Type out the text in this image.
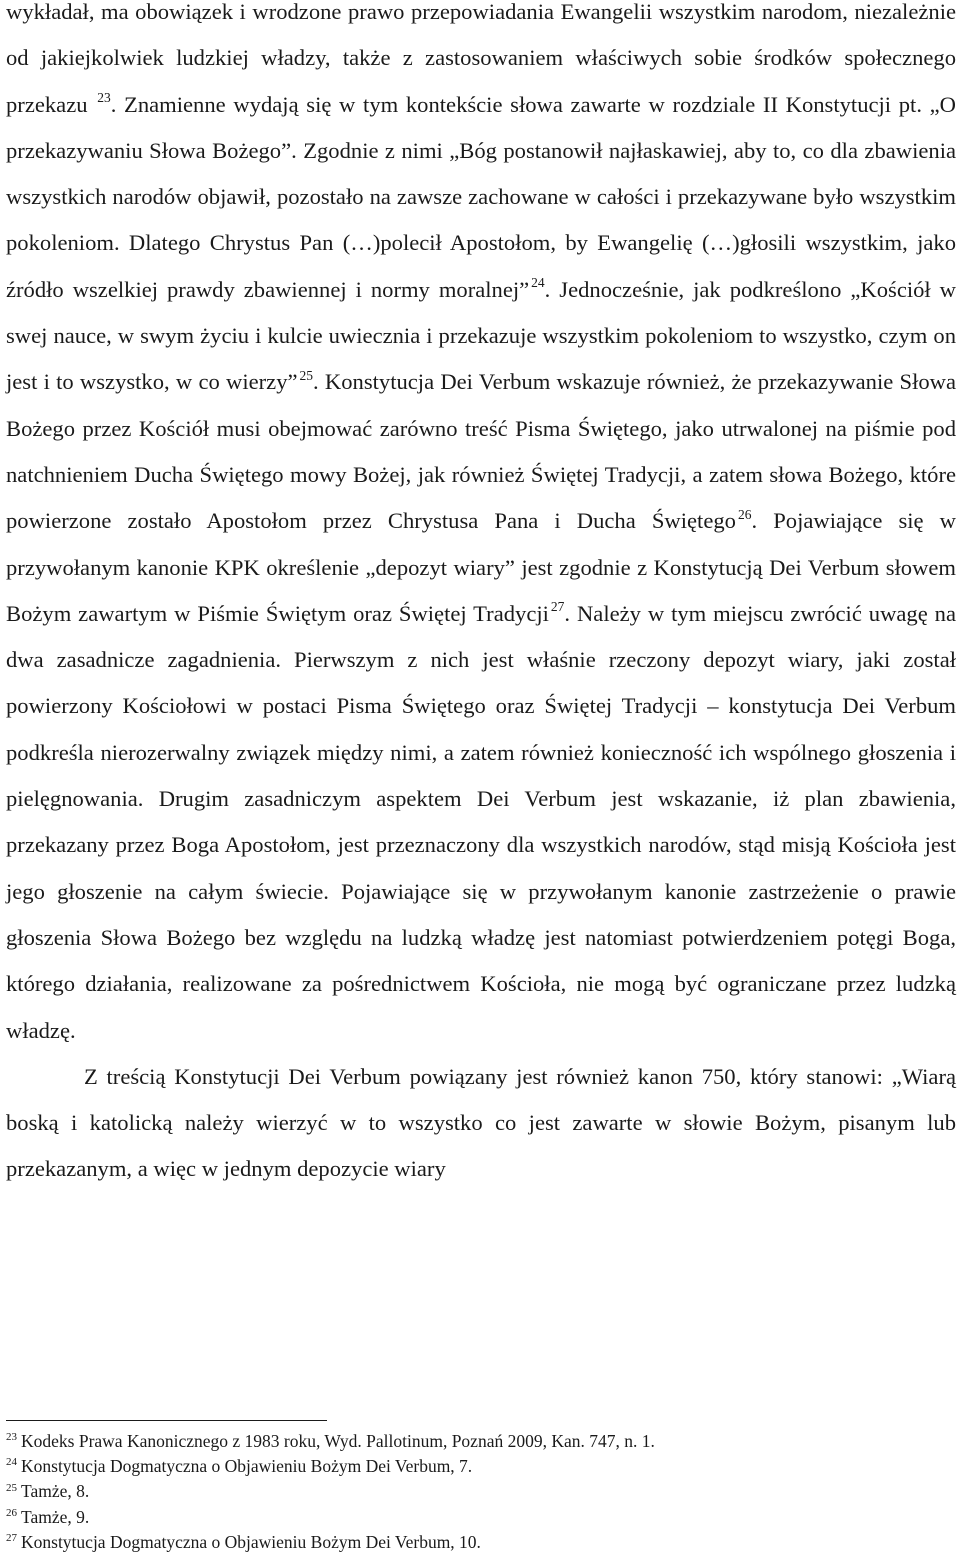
wykładał, ma obowiązek i wrodzone prawo przepowiadania Ewangelii wszystkim narodom, niezależnie od jakiejkolwiek ludzkiej władzy, także z zastosowaniem właściwych sobie środków społecznego przekazu $^{23}$. Znamienne wydają się w tym kontekście słowa zawarte w rozdziale II Konstytucji pt. „O przekazywaniu Słowa Bożego”. Zgodnie z nimi „Bóg postanowił najłaskawiej, aby to, co dla zbawienia wszystkich narodów objawił, pozostało na zawsze zachowane w całości i przekazywane było wszystkim pokoleniom. Dlatego Chrystus Pan (…)polecił Apostołom, by Ewangelię (…)głosili wszystkim, jako źródło wszelkiej prawdy zbawiennej i normy moralnej” $^{24}$. Jednocześnie, jak podkreślono „Kościół w swej nauce, w swym życiu i kulcie uwiecznia i przekazuje wszystkim pokoleniom to wszystko, czym on jest i to wszystko, w co wierzy” $^{25}$. Konstytucja Dei Verbum wskazuje również, że przekazywanie Słowa Bożego przez Kościół musi obejmować zarówno treść Pisma Świętego, jako utrwalonej na piśmie pod natchnieniem Ducha Świętego mowy Bożej, jak również Świętej Tradycji, a zatem słowa Bożego, które powierzone zostało Apostołom przez Chrystusa Pana i Ducha Świętego $^{26}$. Pojawiające się w przywołanym kanonie KPK określenie „depozyt wiary” jest zgodnie z Konstytucją Dei Verbum słowem Bożym zawartym w Piśmie Świętym oraz Świętej Tradycji $^{27}$. Należy w tym miejscu zwrócić uwagę na dwa zasadnicze zagadnienia. Pierwszym z nich jest właśnie rzeczony depozyt wiary, jaki został powierzony Kościołowi w postaci Pisma Świętego oraz Świętej Tradycji – konstytucja Dei Verbum podkreśla nierozerwalny związek między nimi, a zatem również konieczność ich wspólnego głoszenia i pielęgnowania. Drugim zasadniczym aspektem Dei Verbum jest wskazanie, iż plan zbawienia, przekazany przez Boga Apostołom, jest przeznaczony dla wszystkich narodów, stąd misją Kościoła jest jego głoszenie na całym świecie. Pojawiające się w przywołanym kanonie zastrzeżenie o prawie głoszenia Słowa Bożego bez względu na ludzką władzę jest natomiast potwierdzeniem potęgi Boga, którego działania, realizowane za pośrednictwem Kościoła, nie mogą być ograniczane przez ludzką władzę.

Z treścią Konstytucji Dei Verbum powiązany jest również kanon 750, który stanowi: „Wiarą boską i katolicką należy wierzyć w to wszystko co jest zawarte w słowie Bożym, pisanym lub przekazanym, a więc w jednym depozycie wiary

$^{23}$ Kodeks Prawa Kanonicznego z 1983 roku, Wyd. Pallotinum, Poznań 2009, Kan. 747, n. 1.

$^{24}$ Konstytucja Dogmatyczna o Objawieniu Bożym Dei Verbum, 7.

$^{25}$ Tamże, 8.

$^{26}$ Tamże, 9.

$^{27}$ Konstytucja Dogmatyczna o Objawieniu Bożym Dei Verbum, 10.
